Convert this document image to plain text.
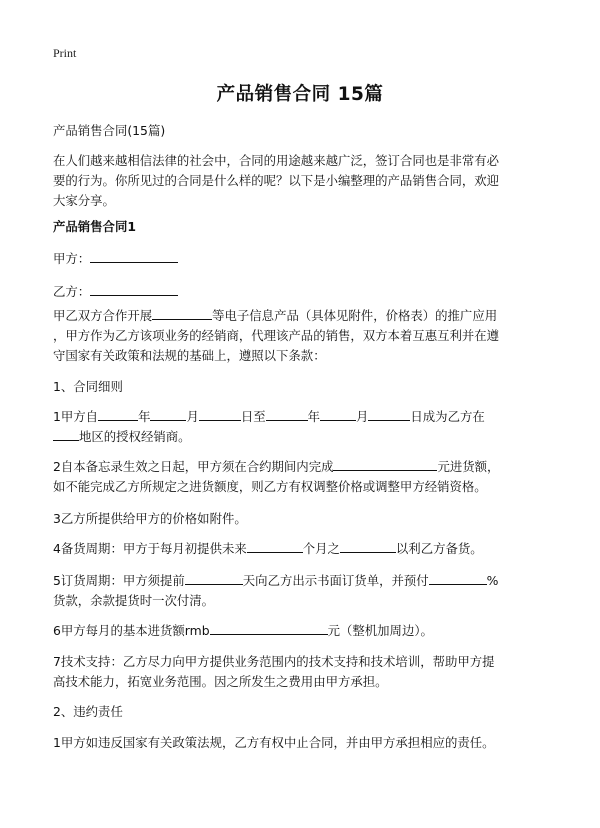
Print
产品销售合同 15篇
产品销售合同(15篇)
在人们越来越相信法律的社会中，合同的用途越来越广泛，签订合同也是非常有必
要的行为。你所见过的合同是什么样的呢？以下是小编整理的产品销售合同，欢迎
大家分享。
产品销售合同1
甲方：
乙方：
甲乙双方合作开展	等电子信息产品（具体见附件，价格表）的推广应用
，甲方作为乙方该项业务的经销商，代理该产品的销售，双方本着互惠互利并在遵
守国家有关政策和法规的基础上，遵照以下条款：
1、合同细则
1甲方自	年	月	日至	年	月	日成为乙方在
地区的授权经销商。
2自本备忘录生效之日起，甲方须在合约期间内完成	元进货额，
如不能完成乙方所规定之进货额度，则乙方有权调整价格或调整甲方经销资格。
3乙方所提供给甲方的价格如附件。
4备货周期：甲方于每月初提供未来	个月之	以利乙方备货。
5订货周期：甲方须提前	天向乙方出示书面订货单，并预付	%
货款，余款提货时一次付清。
6甲方每月的基本进货额rmb	元（整机加周边）。
7技术支持：乙方尽力向甲方提供业务范围内的技术支持和技术培训，帮助甲方提
高技术能力，拓宽业务范围。因之所发生之费用由甲方承担。
2、违约责任
1甲方如违反国家有关政策法规，乙方有权中止合同，并由甲方承担相应的责任。
